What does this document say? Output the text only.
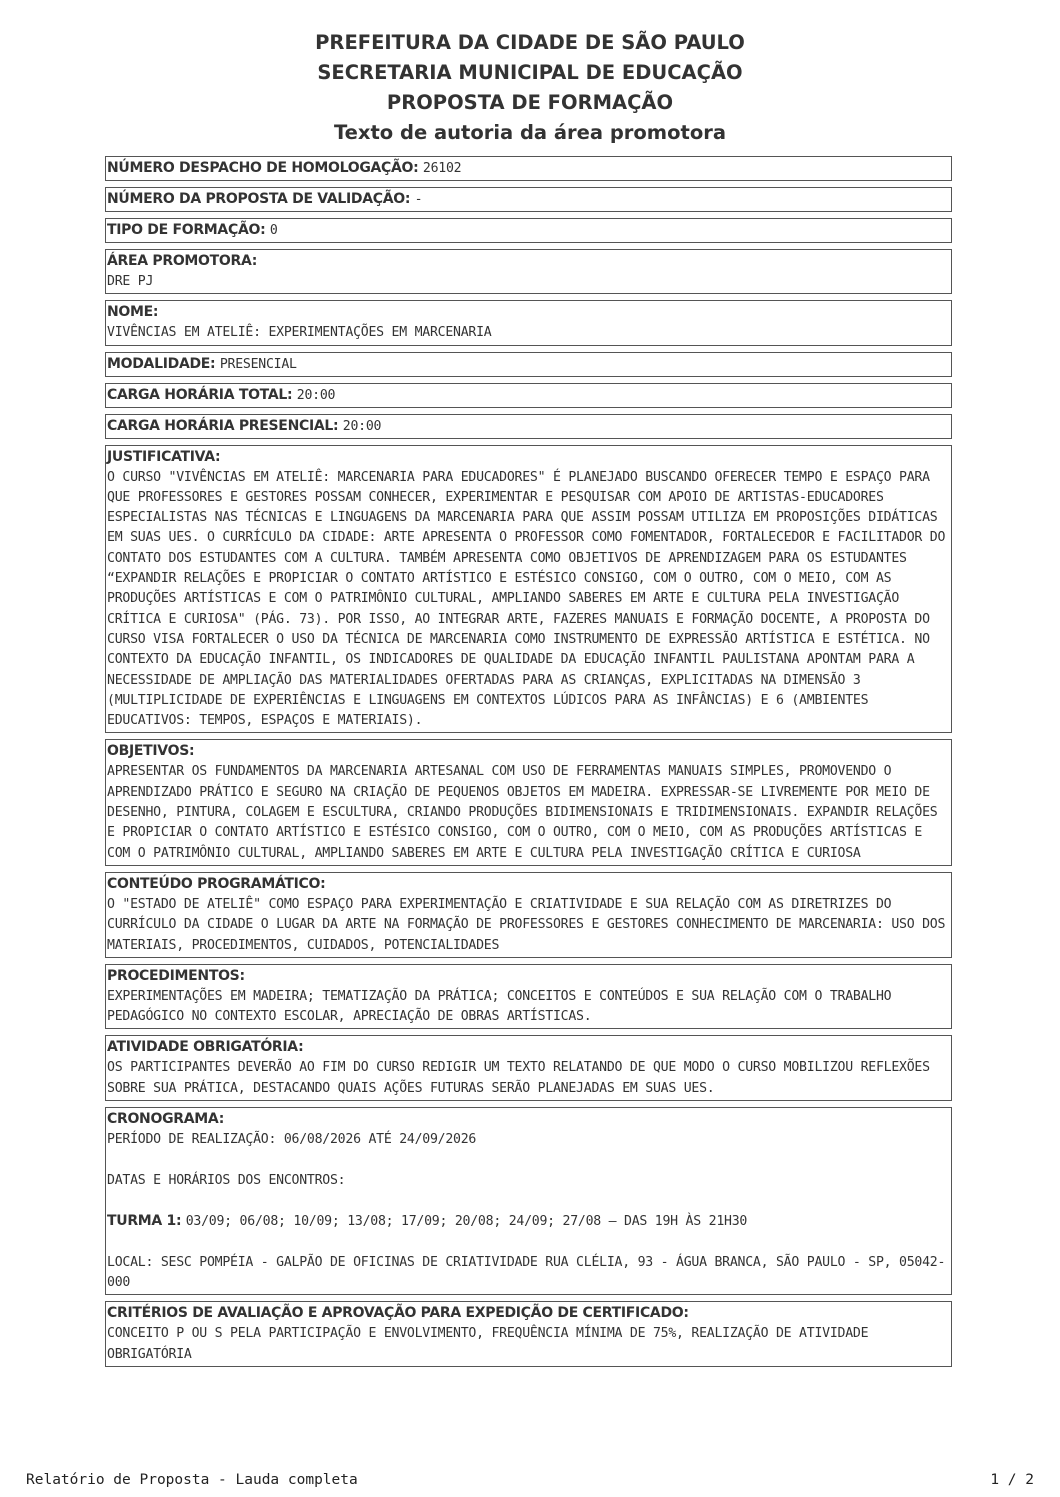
PREFEITURA DA CIDADE DE SÃO PAULO
SECRETARIA MUNICIPAL DE EDUCAÇÃO
PROPOSTA DE FORMAÇÃO
Texto de autoria da área promotora
NÚMERO DESPACHO DE HOMOLOGAÇÃO: 26102
NÚMERO DA PROPOSTA DE VALIDAÇÃO: -
TIPO DE FORMAÇÃO: 0
ÁREA PROMOTORA:
DRE PJ
NOME:
VIVÊNCIAS EM ATELIÊ: EXPERIMENTAÇÕES EM MARCENARIA
MODALIDADE: PRESENCIAL
CARGA HORÁRIA TOTAL: 20:00
CARGA HORÁRIA PRESENCIAL: 20:00
JUSTIFICATIVA:
O CURSO "VIVÊNCIAS EM ATELIÊ: MARCENARIA PARA EDUCADORES" É PLANEJADO BUSCANDO OFERECER TEMPO E ESPAÇO PARA QUE PROFESSORES E GESTORES POSSAM CONHECER, EXPERIMENTAR E PESQUISAR COM APOIO DE ARTISTAS-EDUCADORES ESPECIALISTAS NAS TÉCNICAS E LINGUAGENS DA MARCENARIA PARA QUE ASSIM POSSAM UTILIZA EM PROPOSIÇÕES DIDÁTICAS EM SUAS UES. O CURRÍCULO DA CIDADE: ARTE APRESENTA O PROFESSOR COMO FOMENTADOR, FORTALECEDOR E FACILITADOR DO CONTATO DOS ESTUDANTES COM A CULTURA. TAMBÉM APRESENTA COMO OBJETIVOS DE APRENDIZAGEM PARA OS ESTUDANTES “EXPANDIR RELAÇÕES E PROPICIAR O CONTATO ARTÍSTICO E ESTÉSICO CONSIGO, COM O OUTRO, COM O MEIO, COM AS PRODUÇÕES ARTÍSTICAS E COM O PATRIMÔNIO CULTURAL, AMPLIANDO SABERES EM ARTE E CULTURA PELA INVESTIGAÇÃO CRÍTICA E CURIOSA" (PÁG. 73). POR ISSO, AO INTEGRAR ARTE, FAZERES MANUAIS E FORMAÇÃO DOCENTE, A PROPOSTA DO CURSO VISA FORTALECER O USO DA TÉCNICA DE MARCENARIA COMO INSTRUMENTO DE EXPRESSÃO ARTÍSTICA E ESTÉTICA. NO CONTEXTO DA EDUCAÇÃO INFANTIL, OS INDICADORES DE QUALIDADE DA EDUCAÇÃO INFANTIL PAULISTANA APONTAM PARA A NECESSIDADE DE AMPLIAÇÃO DAS MATERIALIDADES OFERTADAS PARA AS CRIANÇAS, EXPLICITADAS NA DIMENSÃO 3 (MULTIPLICIDADE DE EXPERIÊNCIAS E LINGUAGENS EM CONTEXTOS LÚDICOS PARA AS INFÂNCIAS) E 6 (AMBIENTES EDUCATIVOS: TEMPOS, ESPAÇOS E MATERIAIS).
OBJETIVOS:
APRESENTAR OS FUNDAMENTOS DA MARCENARIA ARTESANAL COM USO DE FERRAMENTAS MANUAIS SIMPLES, PROMOVENDO O APRENDIZADO PRÁTICO E SEGURO NA CRIAÇÃO DE PEQUENOS OBJETOS EM MADEIRA. EXPRESSAR-SE LIVREMENTE POR MEIO DE DESENHO, PINTURA, COLAGEM E ESCULTURA, CRIANDO PRODUÇÕES BIDIMENSIONAIS E TRIDIMENSIONAIS. EXPANDIR RELAÇÕES E PROPICIAR O CONTATO ARTÍSTICO E ESTÉSICO CONSIGO, COM O OUTRO, COM O MEIO, COM AS PRODUÇÕES ARTÍSTICAS E COM O PATRIMÔNIO CULTURAL, AMPLIANDO SABERES EM ARTE E CULTURA PELA INVESTIGAÇÃO CRÍTICA E CURIOSA
CONTEÚDO PROGRAMÁTICO:
O "ESTADO DE ATELIÊ" COMO ESPAÇO PARA EXPERIMENTAÇÃO E CRIATIVIDADE E SUA RELAÇÃO COM AS DIRETRIZES DO CURRÍCULO DA CIDADE O LUGAR DA ARTE NA FORMAÇÃO DE PROFESSORES E GESTORES CONHECIMENTO DE MARCENARIA: USO DOS MATERIAIS, PROCEDIMENTOS, CUIDADOS, POTENCIALIDADES
PROCEDIMENTOS:
EXPERIMENTAÇÕES EM MADEIRA; TEMATIZAÇÃO DA PRÁTICA; CONCEITOS E CONTEÚDOS E SUA RELAÇÃO COM O TRABALHO PEDAGÓGICO NO CONTEXTO ESCOLAR, APRECIAÇÃO DE OBRAS ARTÍSTICAS.
ATIVIDADE OBRIGATÓRIA:
OS PARTICIPANTES DEVERÃO AO FIM DO CURSO REDIGIR UM TEXTO RELATANDO DE QUE MODO O CURSO MOBILIZOU REFLEXÕES SOBRE SUA PRÁTICA, DESTACANDO QUAIS AÇÕES FUTURAS SERÃO PLANEJADAS EM SUAS UES.
CRONOGRAMA:
PERÍODO DE REALIZAÇÃO: 06/08/2026 ATÉ 24/09/2026
DATAS E HORÁRIOS DOS ENCONTROS:
TURMA 1: 03/09; 06/08; 10/09; 13/08; 17/09; 20/08; 24/09; 27/08 — DAS 19H ÀS 21H30
LOCAL: SESC POMPÉIA - GALPÃO DE OFICINAS DE CRIATIVIDADE RUA CLÉLIA, 93 - ÁGUA BRANCA, SÃO PAULO - SP, 05042-000
CRITÉRIOS DE AVALIAÇÃO E APROVAÇÃO PARA EXPEDIÇÃO DE CERTIFICADO:
CONCEITO P OU S PELA PARTICIPAÇÃO E ENVOLVIMENTO, FREQUÊNCIA MÍNIMA DE 75%, REALIZAÇÃO DE ATIVIDADE OBRIGATÓRIA
Relatório de Proposta - Lauda completa	1 / 2
